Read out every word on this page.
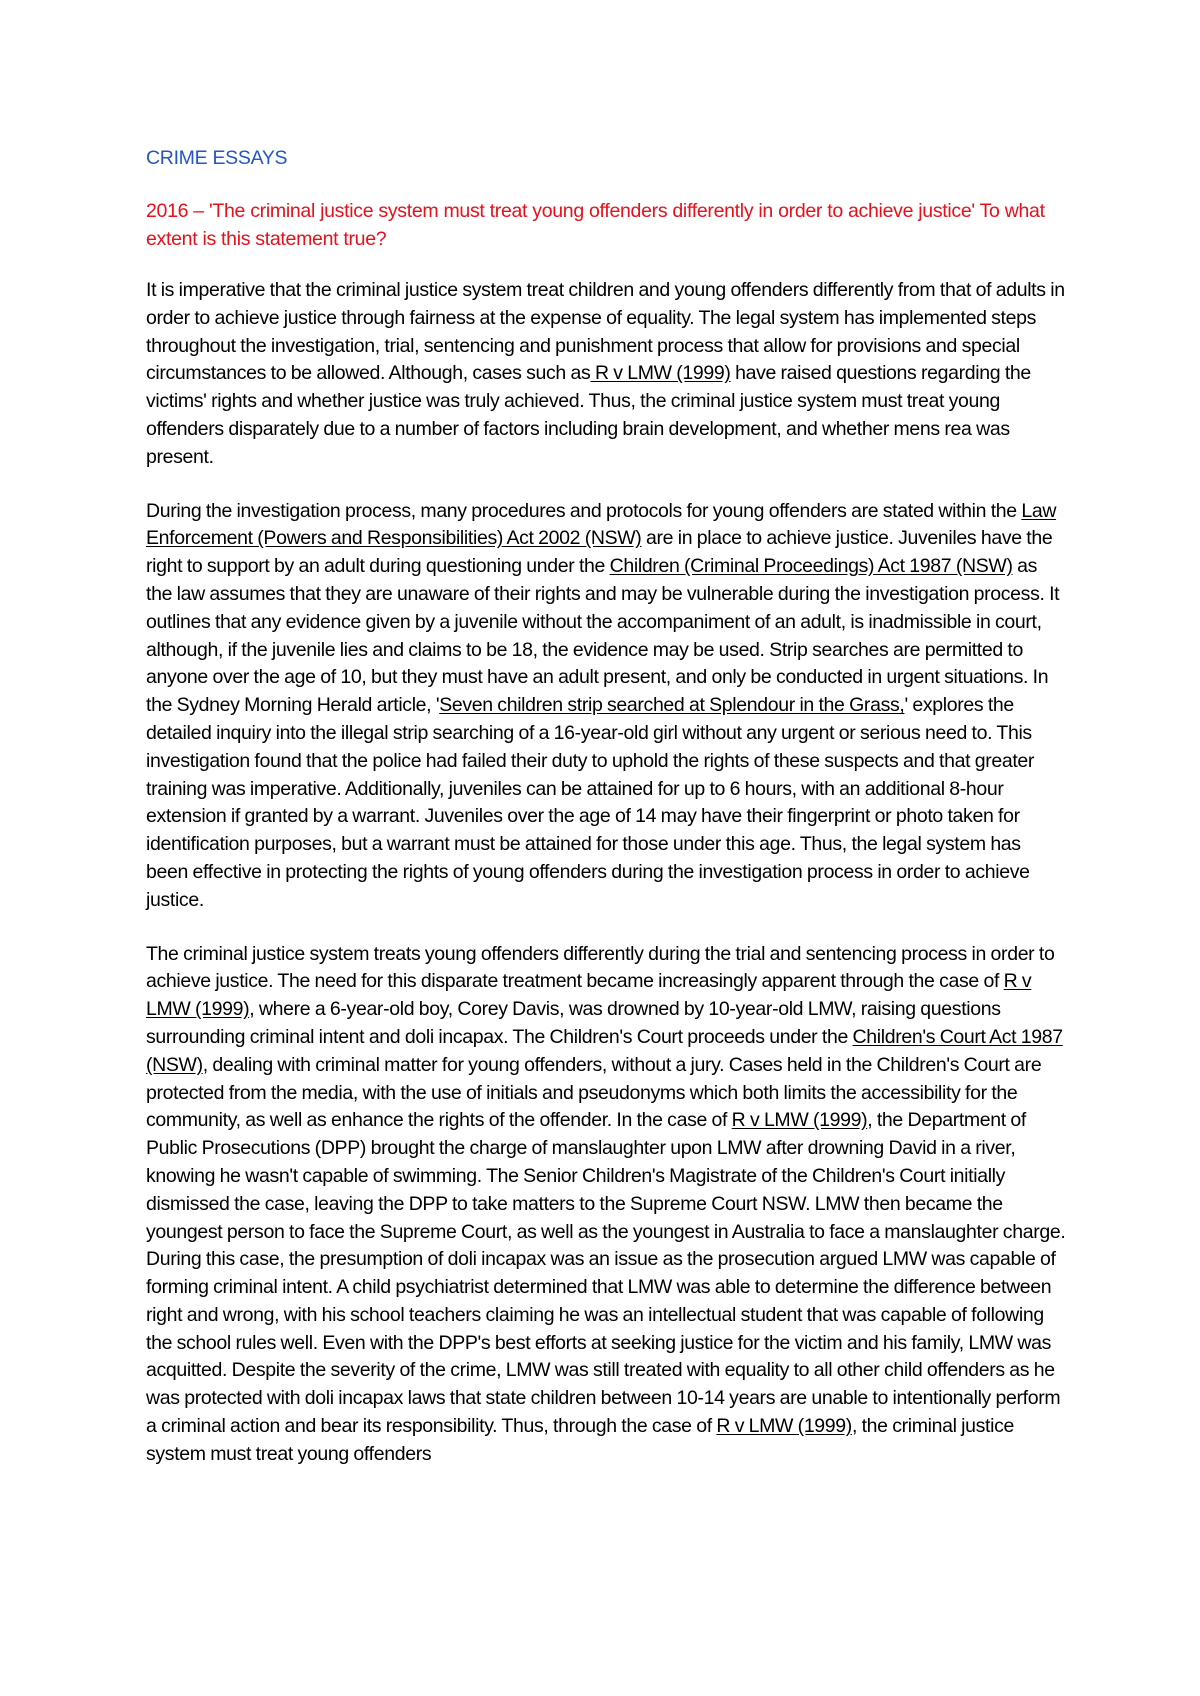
CRIME ESSAYS
2016 – 'The criminal justice system must treat young offenders differently in order to achieve justice' To what extent is this statement true?

It is imperative that the criminal justice system treat children and young offenders differently from that of adults in order to achieve justice through fairness at the expense of equality. The legal system has implemented steps throughout the investigation, trial, sentencing and punishment process that allow for provisions and special circumstances to be allowed. Although, cases such as R v LMW (1999) have raised questions regarding the victims' rights and whether justice was truly achieved. Thus, the criminal justice system must treat young offenders disparately due to a number of factors including brain development, and whether mens rea was present.

During the investigation process, many procedures and protocols for young offenders are stated within the Law Enforcement (Powers and Responsibilities) Act 2002 (NSW) are in place to achieve justice. Juveniles have the right to support by an adult during questioning under the Children (Criminal Proceedings) Act 1987 (NSW) as the law assumes that they are unaware of their rights and may be vulnerable during the investigation process. It outlines that any evidence given by a juvenile without the accompaniment of an adult, is inadmissible in court, although, if the juvenile lies and claims to be 18, the evidence may be used. Strip searches are permitted to anyone over the age of 10, but they must have an adult present, and only be conducted in urgent situations. In the Sydney Morning Herald article, 'Seven children strip searched at Splendour in the Grass,' explores the detailed inquiry into the illegal strip searching of a 16-year-old girl without any urgent or serious need to. This investigation found that the police had failed their duty to uphold the rights of these suspects and that greater training was imperative. Additionally, juveniles can be attained for up to 6 hours, with an additional 8-hour extension if granted by a warrant. Juveniles over the age of 14 may have their fingerprint or photo taken for identification purposes, but a warrant must be attained for those under this age. Thus, the legal system has been effective in protecting the rights of young offenders during the investigation process in order to achieve justice.

The criminal justice system treats young offenders differently during the trial and sentencing process in order to achieve justice. The need for this disparate treatment became increasingly apparent through the case of R v LMW (1999), where a 6-year-old boy, Corey Davis, was drowned by 10-year-old LMW, raising questions surrounding criminal intent and doli incapax. The Children's Court proceeds under the Children's Court Act 1987 (NSW), dealing with criminal matter for young offenders, without a jury. Cases held in the Children's Court are protected from the media, with the use of initials and pseudonyms which both limits the accessibility for the community, as well as enhance the rights of the offender. In the case of R v LMW (1999), the Department of Public Prosecutions (DPP) brought the charge of manslaughter upon LMW after drowning David in a river, knowing he wasn't capable of swimming. The Senior Children's Magistrate of the Children's Court initially dismissed the case, leaving the DPP to take matters to the Supreme Court NSW. LMW then became the youngest person to face the Supreme Court, as well as the youngest in Australia to face a manslaughter charge. During this case, the presumption of doli incapax was an issue as the prosecution argued LMW was capable of forming criminal intent. A child psychiatrist determined that LMW was able to determine the difference between right and wrong, with his school teachers claiming he was an intellectual student that was capable of following the school rules well. Even with the DPP's best efforts at seeking justice for the victim and his family, LMW was acquitted. Despite the severity of the crime, LMW was still treated with equality to all other child offenders as he was protected with doli incapax laws that state children between 10-14 years are unable to intentionally perform a criminal action and bear its responsibility. Thus, through the case of R v LMW (1999), the criminal justice system must treat young offenders
